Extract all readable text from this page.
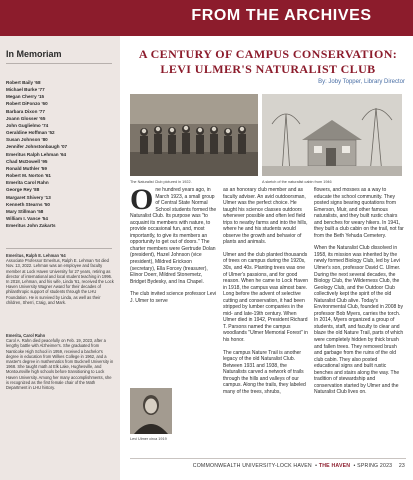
FROM THE ARCHIVES
In Memoriam
Robert Baily '68
Michael Burke '77
Megan Cherry '15
Robert DiFonzo '60
Barbara Dixon '77
Joann Glosser '65
John Guglielmo '74
Geraldine Hoffman '52
Susan Johnson '80
Jennifer Johnstonbaugh '07
Emeritus Ralph Lehman '64
Chad McDowell '95
Ronald Muthler '59
Robert M. Norton '61
Emerita Carol Rahn
George Rey '88
Margaret Shivery '13
Kenneth Stearns '50
Mary Stillman '58
William I. Vance '54
Emeritus John Zakarts
Emeritus, Ralph E. Lehman '64
Associate Professor Emeritus, Ralph E. Lehman '64 died Nov. 13, 2022. Lehman was an employee and faculty member at Lock Haven University for 27 years, retiring as director of international and local student teaching in 1996. In 2018, Lehman, and his wife, Linda '61, received the Lock Haven University Wagner Award for their decades of philanthropic support of students through the LHU Foundation. He is survived by Linda, as well as their children, Sherri, Craig, and Mark.
Emerita, Carol Rahn
Carol A. Rahn died peacefully on Feb. 19, 2023, after a lengthy battle with Alzheimer's. She graduated from Nanticoke High School in 1959, received a bachelor's degree in education from Wilkes College in 1962, and a master's degree in mathematics from Bucknell University in 1968. She taught math at Elk Lake, Hughesville, and Montoursville high schools before transitioning to Lock Haven University. Among her many accomplishments, she is recognized as the first female chair of the Math Department in LHU history.
A CENTURY OF CAMPUS CONSERVATION:
LEVI ULMER'S NATURALIST CLUB
By: Joby Topper, Library Director
The Naturalist Club pictured in 1922.	A sketch of the naturalist cabin from 1946

One hundred years ago, in March 1923, a small group of Central State Normal School students formed the Naturalist Club. Its purpose was "to acquaint its members with nature, to provide occasional fun, and, most importantly, to give its members an opportunity to get out of doors." The charter members were Gertrude Dolan (president), Hazel Johnson (vice president), Mildred Erickson (secretary), Ella Forcey (treasurer), Elinor Doerr, Mildred Stonemetz, Bridget Bydesky, and Ina Chapel.

The club invited science professor Levi J. Ulmer to serve

as an honorary club member and as faculty adviser. An avid outdoorsman, Ulmer was the perfect choice. He taught his science classes outdoors whenever possible and often led field trips to nearby farms and into the hills, where he and his students would observe the growth and behavior of plants and animals.

Ulmer and the club planted thousands of trees on campus during the 1920s, 30s, and 40s. Planting trees was one of Ulmer's passions, and for good reason. When he came to Lock Haven in 1918, the campus was almost bare. Long before the advent of selective cutting and conservation, it had been stripped by lumber companies in the mid- and late-19th century. When Ulmer died in 1942, President Richard T. Parsons named the campus woodlands "Ulmer Memorial Forest" in his honor.

The campus Nature Trail is another legacy of the old Naturalist Club. Between 1931 and 1938, the Naturalists carved a network of trails through the hills and valleys of our campus. Along the trails, they labeled many of the trees, shrubs,

flowers, and mosses as a way to educate the school community. They posted signs bearing quotations from Emerson, Muir, and other famous naturalists, and they built rustic chairs and benches for weary hikers. In 1941, they built a club cabin on the trail, not far from the Beth Yehuda Cemetery.

When the Naturalist Club dissolved in 1958, its mission was inherited by the newly formed Biology Club, led by Levi Ulmer's son, professor David C. Ulmer. During the next several decades, the Biology Club, the Wilderness Club, the Geology Club, and the Outdoor Club collectively kept the spirit of the old Naturalist Club alive. Today's Environmental Club, founded in 2008 by professor Bob Myers, carries the torch. In 2014, Myers organized a group of students, staff, and faculty to clear and blaze the old Nature Trail, parts of which were completely hidden by thick brush and fallen trees. They removed brush and garbage from the ruins of the old club cabin. They also posted educational signs and built rustic benches and stairs along the way. The tradition of stewardship and conservation started by Ulmer and the Naturalist Club lives on.

Levi Ulmer circa 1919
COMMONWEALTH UNIVERSITY-LOCK HAVEN  • THE HAVEN  • SPRING 2023 23
